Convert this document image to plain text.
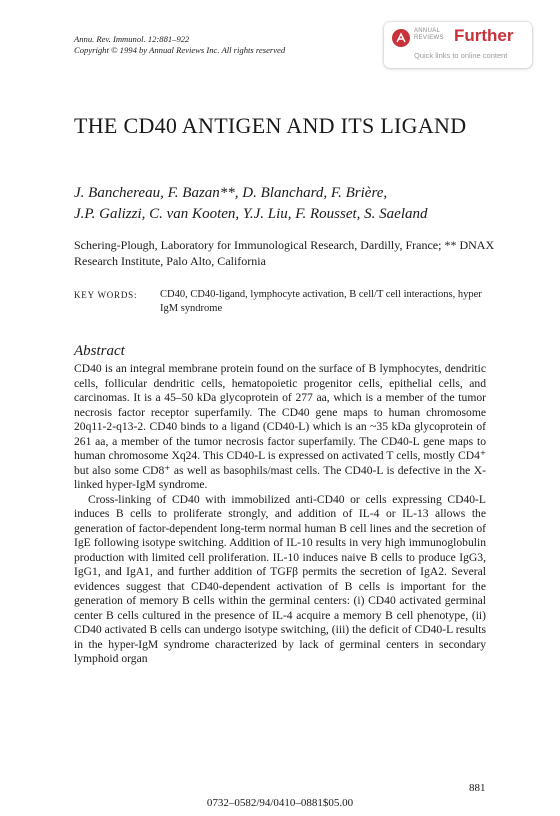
Annu. Rev. Immunol. 12:881–922
Copyright © 1994 by Annual Reviews Inc. All rights reserved
ANNUAL
REVIEWS Further
Quick links to online content
THE CD40 ANTIGEN AND ITS LIGAND
J. Banchereau, F. Bazan**, D. Blanchard, F. Brière,
J.P. Galizzi, C. van Kooten, Y.J. Liu, F. Rousset, S. Saeland
Schering-Plough, Laboratory for Immunological Research, Dardilly, France; ** DNAX Research Institute, Palo Alto, California
KEY WORDS: CD40, CD40-ligand, lymphocyte activation, B cell/T cell interactions, hyper IgM syndrome
Abstract

CD40 is an integral membrane protein found on the surface of B lymphocytes, dendritic cells, follicular dendritic cells, hematopoietic progenitor cells, epithelial cells, and carcinomas. It is a 45–50 kDa glycoprotein of 277 aa, which is a member of the tumor necrosis factor receptor superfamily. The CD40 gene maps to human chromosome 20q11-2-q13-2. CD40 binds to a ligand (CD40-L) which is an ~35 kDa glycoprotein of 261 aa, a member of the tumor necrosis factor superfamily. The CD40-L gene maps to human chromosome Xq24. This CD40-L is expressed on activated T cells, mostly CD4⁺ but also some CD8⁺ as well as basophils/mast cells. The CD40-L is defective in the X-linked hyper-IgM syndrome.

Cross-linking of CD40 with immobilized anti-CD40 or cells expressing CD40-L induces B cells to proliferate strongly, and addition of IL-4 or IL-13 allows the generation of factor-dependent long-term normal human B cell lines and the secretion of IgE following isotype switching. Addition of IL-10 results in very high immunoglobulin production with limited cell proliferation. IL-10 induces naive B cells to produce IgG3, IgG1, and IgA1, and further addition of TGFβ permits the secretion of IgA2. Several evidences suggest that CD40-dependent activation of B cells is important for the generation of memory B cells within the germinal centers: (i) CD40 activated germinal center B cells cultured in the presence of IL-4 acquire a memory B cell phenotype, (ii) CD40 activated B cells can undergo isotype switching, (iii) the deficit of CD40-L results in the hyper-IgM syndrome characterized by lack of germinal centers in secondary lymphoid organ

881
0732–0582/94/0410–0881$05.00
